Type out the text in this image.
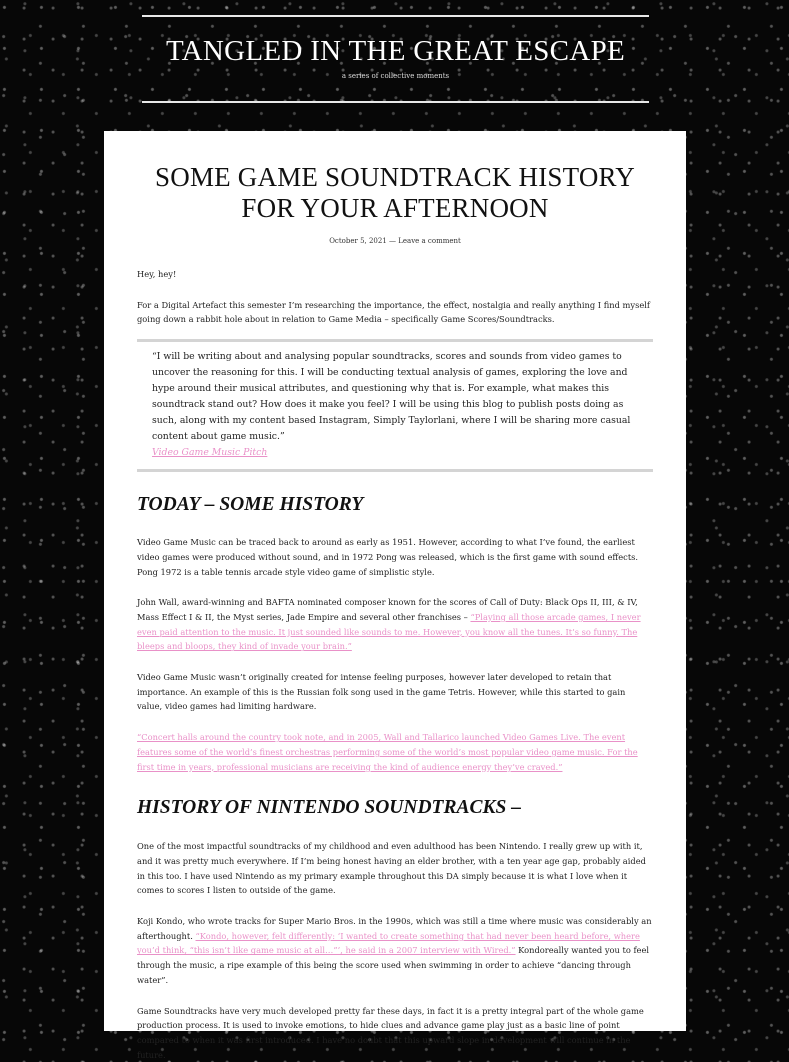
TANGLED IN THE GREAT ESCAPE
a series of collective moments
SOME GAME SOUNDTRACK HISTORY FOR YOUR AFTERNOON
October 5, 2021 — Leave a comment

Hey, hey!

For a Digital Artefact this semester I’m researching the importance, the effect, nostalgia and really anything I find myself going down a rabbit hole about in relation to Game Media – specifically Game Scores/Soundtracks.

“I will be writing about and analysing popular soundtracks, scores and sounds from video games to uncover the reasoning for this. I will be conducting textual analysis of games, exploring the love and hype around their musical attributes, and questioning why that is. For example, what makes this soundtrack stand out? How does it make you feel? I will be using this blog to publish posts doing as such, along with my content based Instagram, Simply Taylorlani, where I will be sharing more casual content about game music.”

Video Game Music Pitch

TODAY – SOME HISTORY

Video Game Music can be traced back to around as early as 1951. However, according to what I’ve found, the earliest video games were produced without sound, and in 1972 Pong was released, which is the first game with sound effects. Pong 1972 is a table tennis arcade style video game of simplistic style.

John Wall, award-winning and BAFTA nominated composer known for the scores of Call of Duty: Black Ops II, III, & IV, Mass Effect I & II, the Myst series, Jade Empire and several other franchises – “Playing all those arcade games, I never even paid attention to the music. It just sounded like sounds to me. However, you know all the tunes. It’s so funny. The bleeps and bloops, they kind of invade your brain.”

Video Game Music wasn’t originally created for intense feeling purposes, however later developed to retain that importance. An example of this is the Russian folk song used in the game Tetris. However, while this started to gain value, video games had limiting hardware.

“Concert halls around the country took note, and in 2005, Wall and Tallarico launched Video Games Live. The event features some of the world’s finest orchestras performing some of the world’s most popular video game music. For the first time in years, professional musicians are receiving the kind of audience energy they’ve craved.”

HISTORY OF NINTENDO SOUNDTRACKS –

One of the most impactful soundtracks of my childhood and even adulthood has been Nintendo. I really grew up with it, and it was pretty much everywhere. If I’m being honest having an elder brother, with a ten year age gap, probably aided in this too. I have used Nintendo as my primary example throughout this DA simply because it is what I love when it comes to scores I listen to outside of the game.

Koji Kondo, who wrote tracks for Super Mario Bros. in the 1990s, which was still a time where music was considerably an afterthought. “Kondo, however, felt differently: ‘I wanted to create something that had never been heard before, where you’d think, “this isn’t like game music at all…”’, he said in a 2007 interview with Wired.” Kondoreally wanted you to feel through the music, a ripe example of this being the score used when swimming in order to achieve “dancing through water”.

Game Soundtracks have very much developed pretty far these days, in fact it is a pretty integral part of the whole game production process. It is used to invoke emotions, to hide clues and advance game play just as a basic line of point compared to when it was first introduced. I have no doubt that this upward slope in development will continue in the future.
